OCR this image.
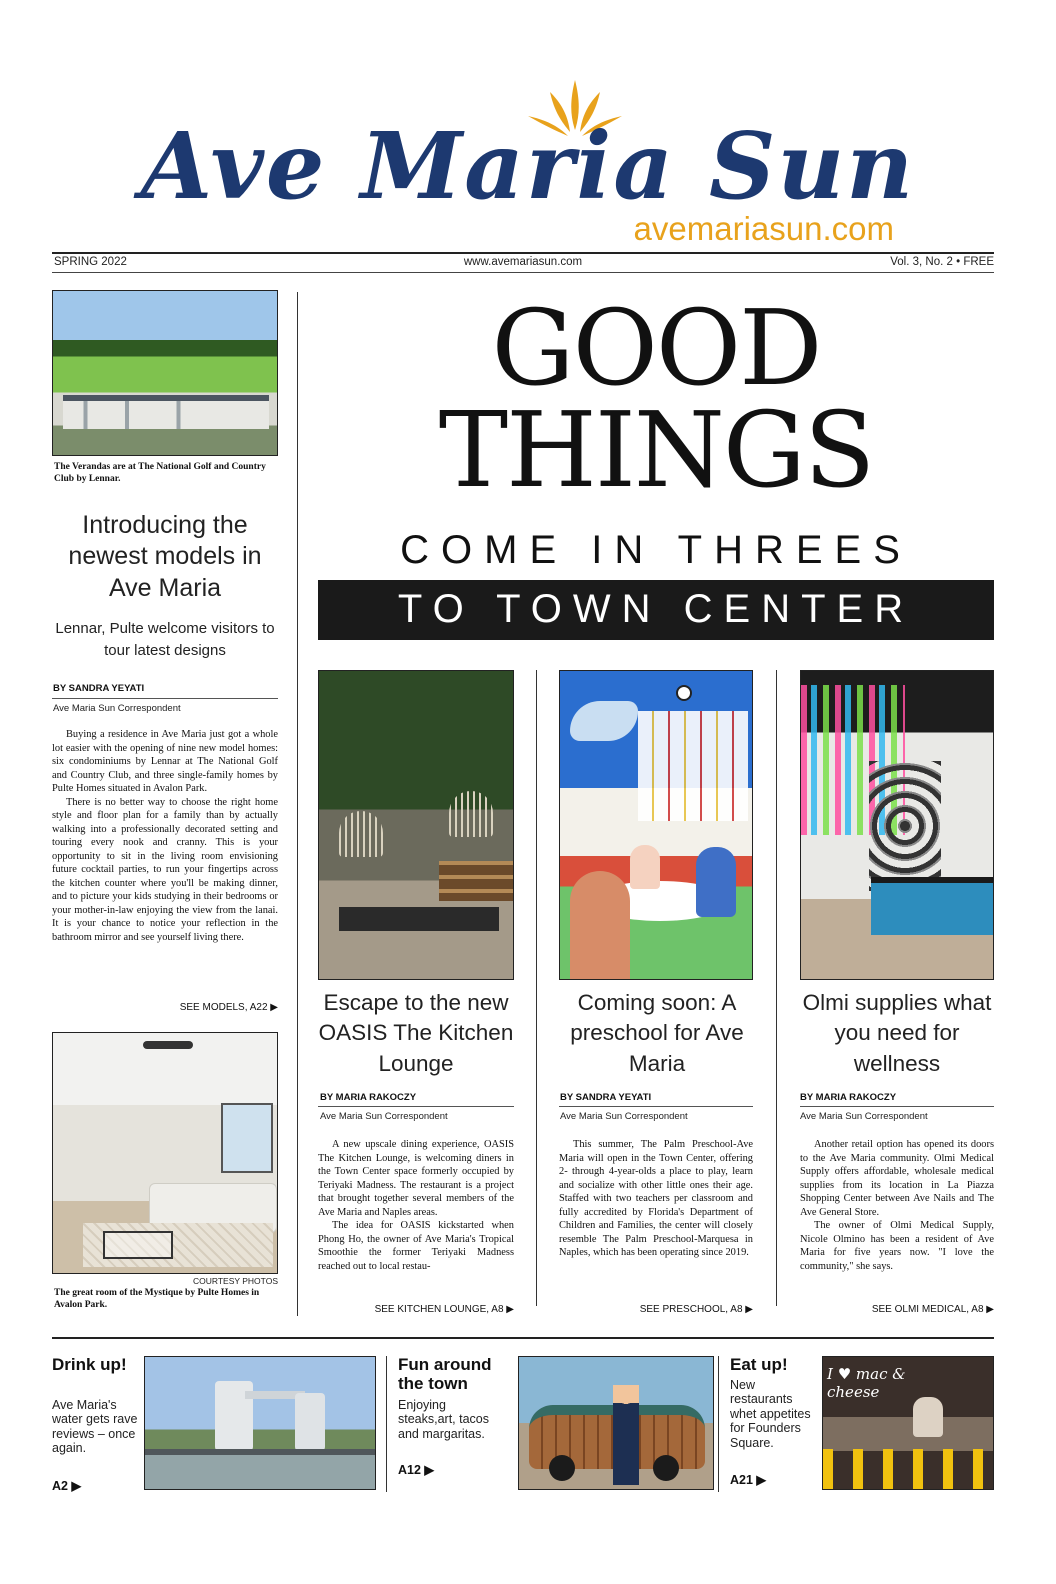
Ave Maria Sun
avemariasun.com
SPRING 2022	www.avemariasun.com	Vol. 3, No. 2 • FREE
The Verandas are at The National Golf and Country Club by Lennar.
Introducing the newest models in Ave Maria
Lennar, Pulte welcome visitors to tour latest designs
BY SANDRA YEYATI
Ave Maria Sun Correspondent

Buying a residence in Ave Maria just got a whole lot easier with the opening of nine new model homes: six condominiums by Lennar at The National Golf and Country Club, and three single-family homes by Pulte Homes situated in Avalon Park.

There is no better way to choose the right home style and floor plan for a family than by actually walking into a professionally decorated setting and touring every nook and cranny. This is your opportunity to sit in the living room envisioning future cocktail parties, to run your fingertips across the kitchen counter where you'll be making dinner, and to picture your kids studying in their bedrooms or your mother-in-law enjoying the view from the lanai. It is your chance to notice your reflection in the bathroom mirror and see yourself living there.

SEE MODELS, A22 ▶
COURTESY PHOTOS
The great room of the Mystique by Pulte Homes in Avalon Park.
GOOD
THINGS
COME IN THREES
TO TOWN CENTER
Escape to the new OASIS The Kitchen Lounge
BY MARIA RAKOCZY
Ave Maria Sun Correspondent

A new upscale dining experience, OASIS The Kitchen Lounge, is welcoming diners in the Town Center space formerly occupied by Teriyaki Madness. The restaurant is a project that brought together several members of the Ave Maria and Naples areas.

The idea for OASIS kickstarted when Phong Ho, the owner of Ave Maria's Tropical Smoothie the former Teriyaki Madness reached out to local restau-

SEE KITCHEN LOUNGE, A8 ▶
Coming soon: A preschool for Ave Maria
BY SANDRA YEYATI
Ave Maria Sun Correspondent

This summer, The Palm Preschool-Ave Maria will open in the Town Center, offering 2- through 4-year-olds a place to play, learn and socialize with other little ones their age. Staffed with two teachers per classroom and fully accredited by Florida's Department of Children and Families, the center will closely resemble The Palm Preschool-Marquesa in Naples, which has been operating since 2019.

SEE PRESCHOOL, A8 ▶
Olmi supplies what you need for wellness
BY MARIA RAKOCZY
Ave Maria Sun Correspondent

Another retail option has opened its doors to the Ave Maria community. Olmi Medical Supply offers affordable, wholesale medical supplies from its location in La Piazza Shopping Center between Ave Nails and The Ave General Store.

The owner of Olmi Medical Supply, Nicole Olmino has been a resident of Ave Maria for five years now. "I love the community," she says.

SEE OLMI MEDICAL, A8 ▶
Drink up!
Ave Maria's water gets rave reviews – once again.
A2 ▶
Fun around the town
Enjoying steaks,art, tacos and margaritas.
A12 ▶
Eat up!
New restaurants whet appetites for Founders Square.
A21 ▶
I ♥ mac & cheese
